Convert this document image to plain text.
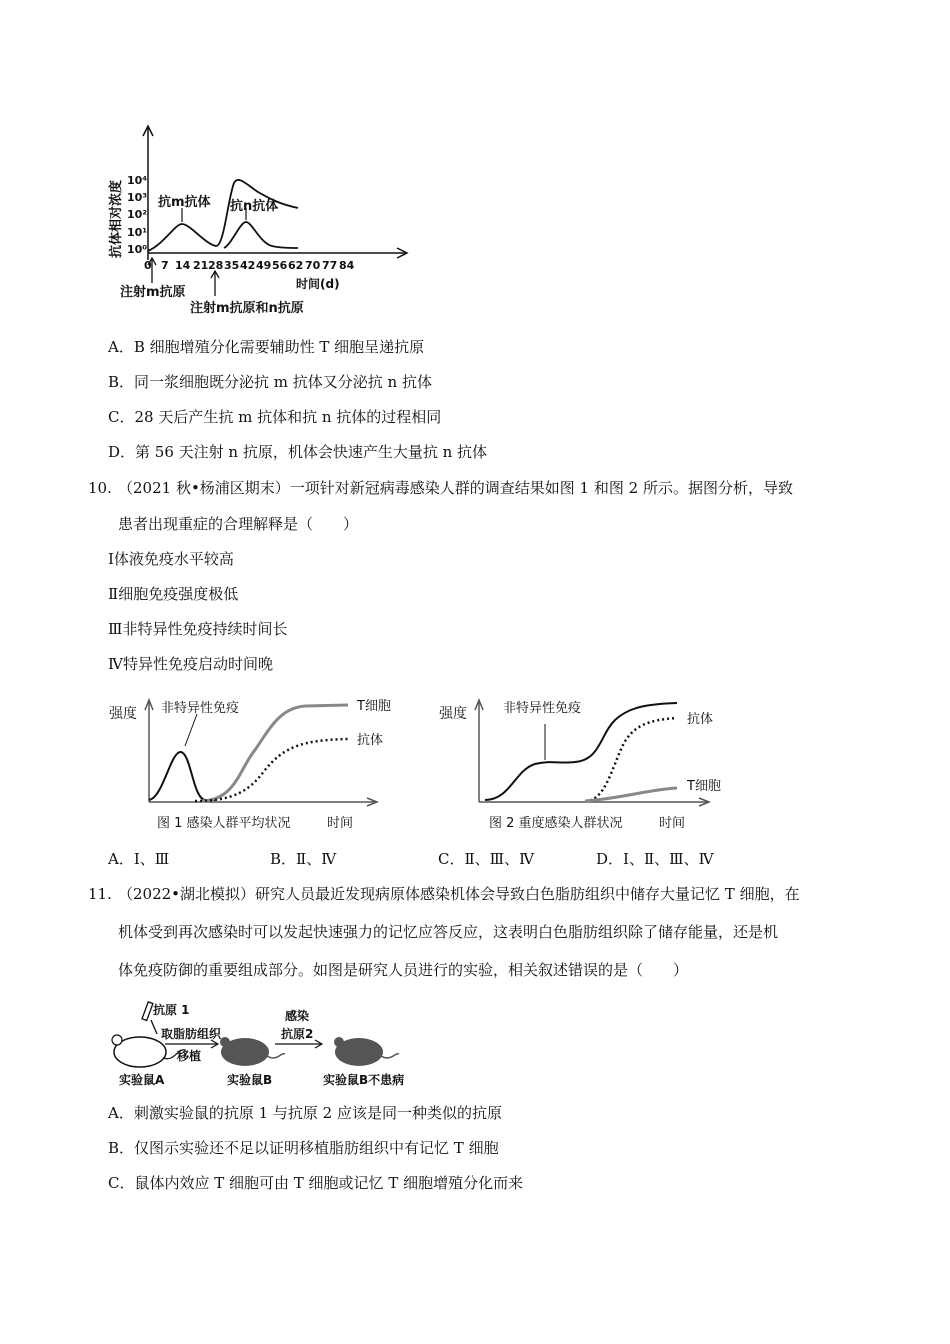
抗体相对浓度 10⁴
10³
10²
10¹
10⁰
抗m抗体 抗n抗体
0 7 14 21 28 35 42 49 56 62 70 77 84
时间(d)
注射m抗原
注射m抗原和n抗原
A．B 细胞增殖分化需要辅助性 T 细胞呈递抗原
B．同一浆细胞既分泌抗 m 抗体又分泌抗 n 抗体
C．28 天后产生抗 m 抗体和抗 n 抗体的过程相同
D．第 56 天注射 n 抗原，机体会快速产生大量抗 n 抗体
10. （2021 秋•杨浦区期末）一项针对新冠病毒感染人群的调查结果如图 1 和图 2 所示。据图分析，导致
患者出现重症的合理解释是（　　）
Ⅰ体液免疫水平较高
Ⅱ细胞免疫强度极低
Ⅲ非特异性免疫持续时间长
Ⅳ特异性免疫启动时间晚
强度 非特异性免疫	T细胞
抗体
图 1 感染人群平均状况	时间
强度	非特异性免疫
抗体
T细胞
图 2 重度感染人群状况	时间
A．Ⅰ、Ⅲ	B．Ⅱ、Ⅳ	C．Ⅱ、Ⅲ、Ⅳ	D．Ⅰ、Ⅱ、Ⅲ、Ⅳ
11. （2022•湖北模拟）研究人员最近发现病原体感染机体会导致白色脂肪组织中储存大量记忆 T 细胞，在
机体受到再次感染时可以发起快速强力的记忆应答反应，这表明白色脂肪组织除了储存能量，还是机
体免疫防御的重要组成部分。如图是研究人员进行的实验，相关叙述错误的是（　　）
抗原 1
实验鼠A
取脂肪组织
移植
实验鼠B
感染
抗原2
实验鼠B不患病
A．刺激实验鼠的抗原 1 与抗原 2 应该是同一种类似的抗原
B．仅图示实验还不足以证明移植脂肪组织中有记忆 T 细胞
C．鼠体内效应 T 细胞可由 T 细胞或记忆 T 细胞增殖分化而来
